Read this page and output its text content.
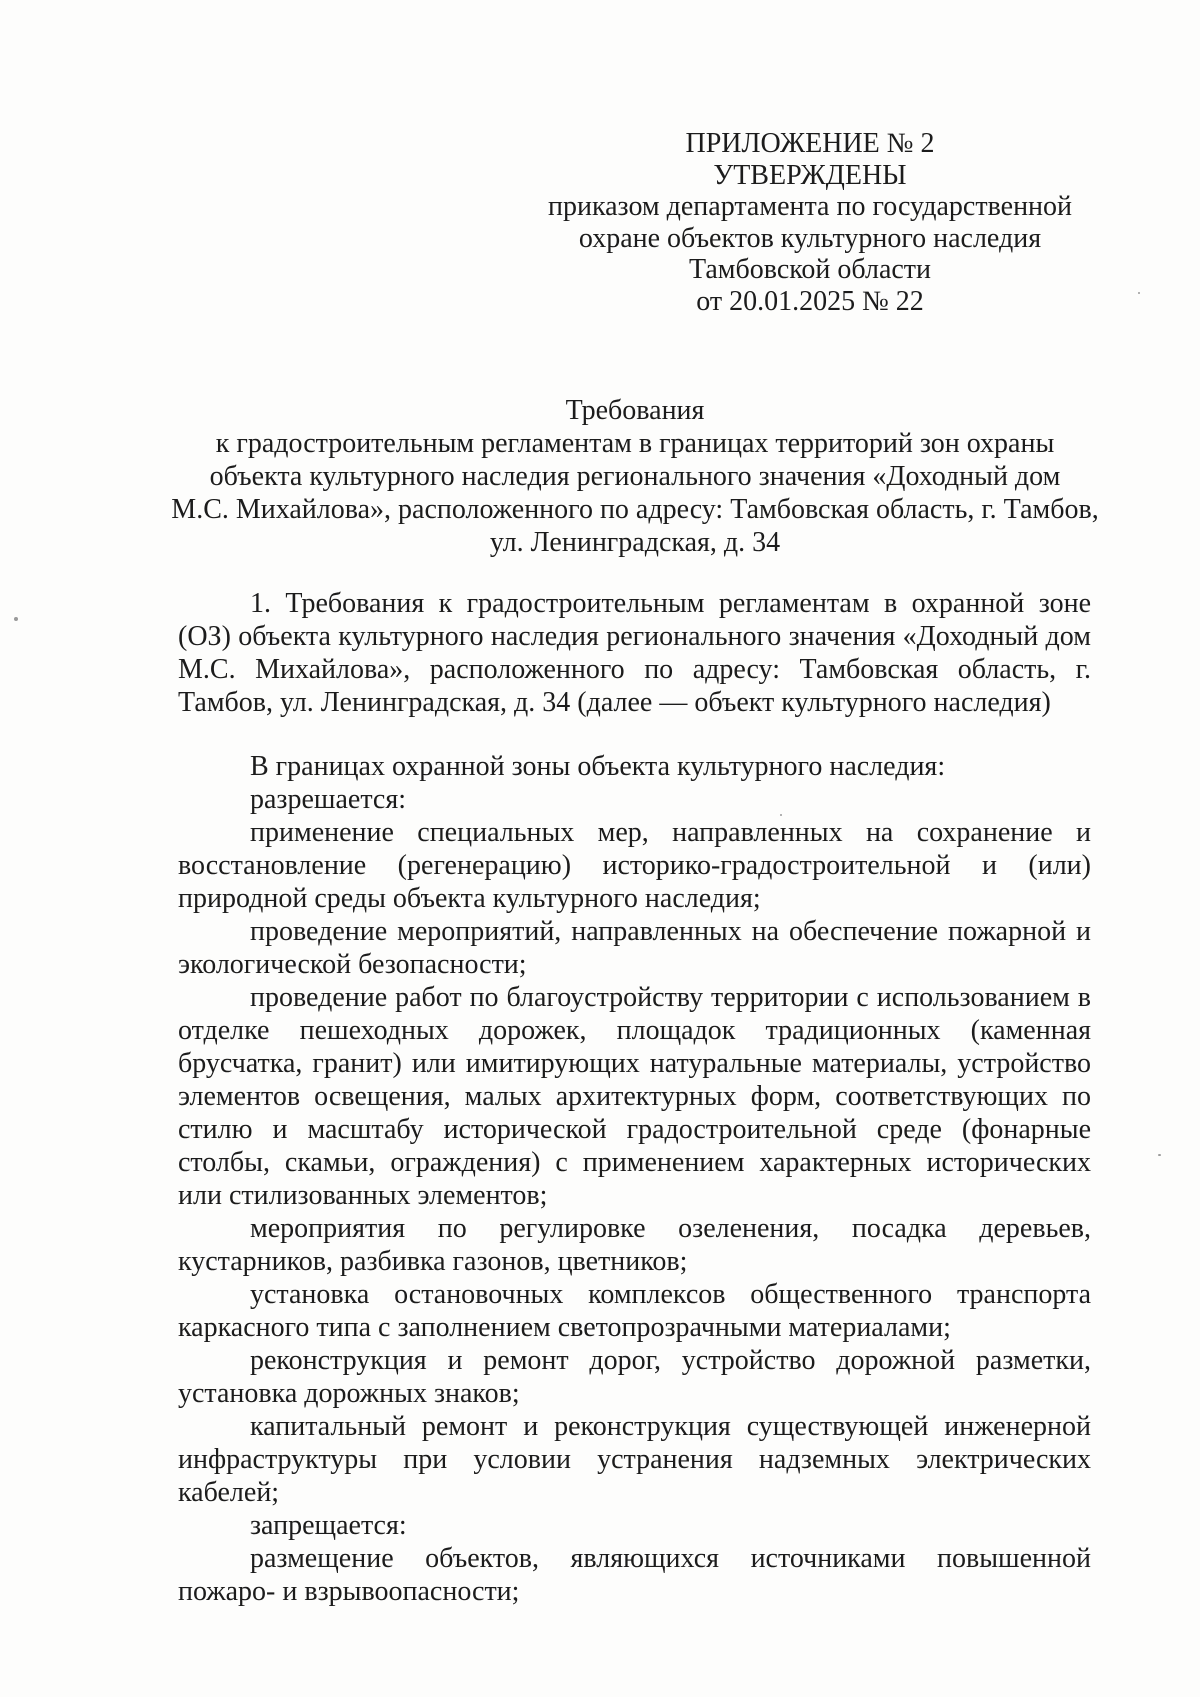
ПРИЛОЖЕНИЕ № 2
УТВЕРЖДЕНЫ
приказом департамента по государственной
охране объектов культурного наследия
Тамбовской области
от 20.01.2025 № 22
Требования
к градостроительным регламентам в границах территорий зон охраны
объекта культурного наследия регионального значения «Доходный дом
М.С. Михайлова», расположенного по адресу: Тамбовская область, г. Тамбов,
ул. Ленинградская, д. 34

1. Требования к градостроительным регламентам в охранной зоне (ОЗ) объекта культурного наследия регионального значения «Доходный дом М.С. Михайлова», расположенного по адресу: Тамбовская область, г. Тамбов, ул. Ленинградская, д. 34 (далее — объект культурного наследия)

В границах охранной зоны объекта культурного наследия:

разрешается:

применение специальных мер, направленных на сохранение и восстановление (регенерацию) историко-градостроительной и (или) природной среды объекта культурного наследия;

проведение мероприятий, направленных на обеспечение пожарной и экологической безопасности;

проведение работ по благоустройству территории с использованием в отделке пешеходных дорожек, площадок традиционных (каменная брусчатка, гранит) или имитирующих натуральные материалы, устройство элементов освещения, малых архитектурных форм, соответствующих по стилю и масштабу исторической градостроительной среде (фонарные столбы, скамьи, ограждения) с применением характерных исторических или стилизованных элементов;

мероприятия по регулировке озеленения, посадка деревьев, кустарников, разбивка газонов, цветников;

установка остановочных комплексов общественного транспорта каркасного типа с заполнением светопрозрачными материалами;

реконструкция и ремонт дорог, устройство дорожной разметки, установка дорожных знаков;

капитальный ремонт и реконструкция существующей инженерной инфраструктуры при условии устранения надземных электрических кабелей;

запрещается:

размещение объектов, являющихся источниками повышенной пожаро- и взрывоопасности;
